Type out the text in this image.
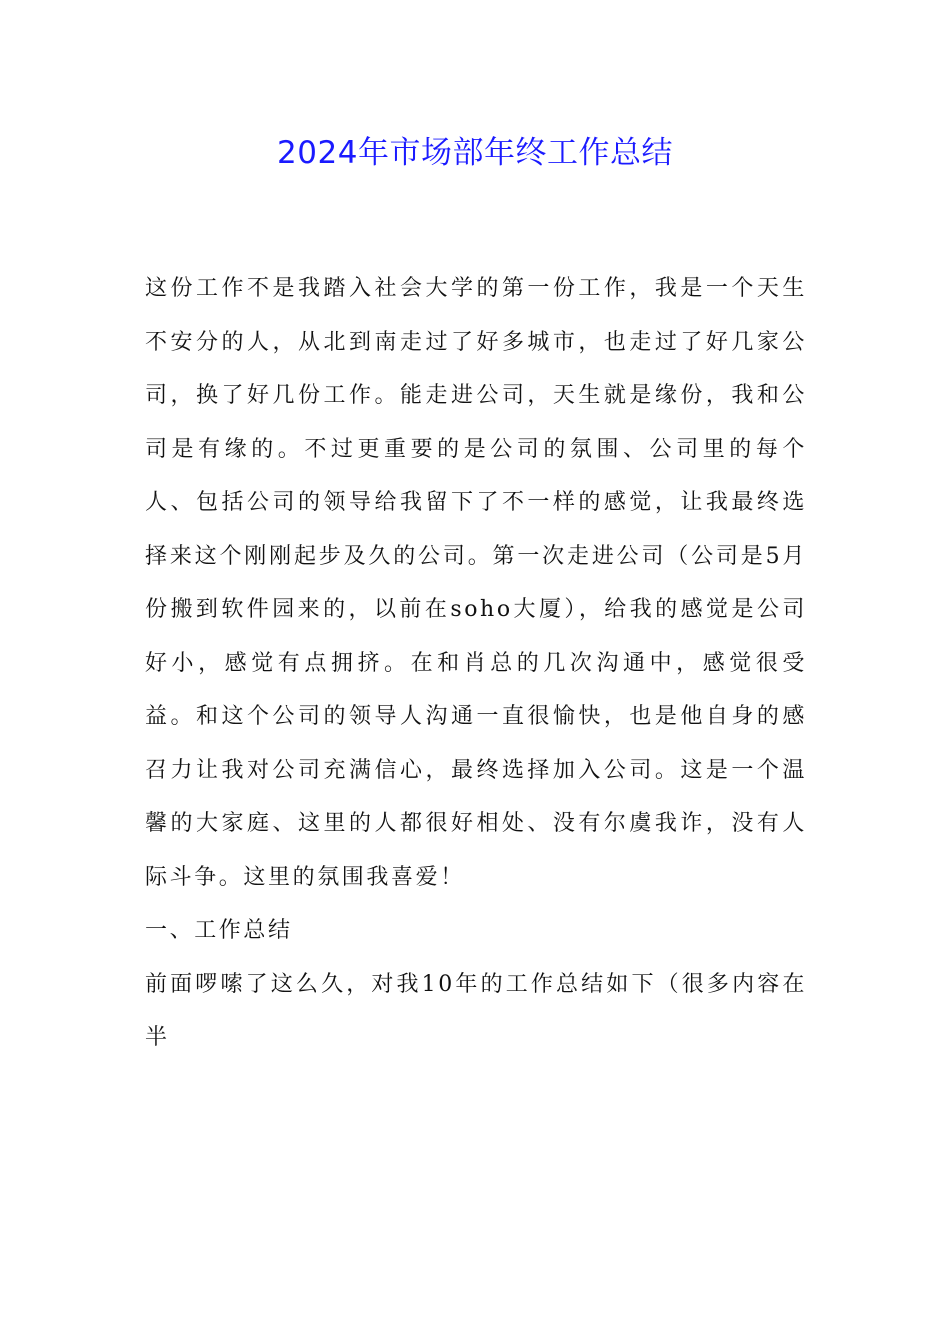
2024年市场部年终工作总结

这份工作不是我踏入社会大学的第一份工作，我是一个天生不安分的人，从北到南走过了好多城市，也走过了好几家公司，换了好几份工作。能走进公司，天生就是缘份，我和公司是有缘的。不过更重要的是公司的氛围、公司里的每个人、包括公司的领导给我留下了不一样的感觉，让我最终选择来这个刚刚起步及久的公司。第一次走进公司（公司是5月份搬到软件园来的，以前在soho大厦），给我的感觉是公司好小，感觉有点拥挤。在和肖总的几次沟通中，感觉很受益。和这个公司的领导人沟通一直很愉快，也是他自身的感召力让我对公司充满信心，最终选择加入公司。这是一个温馨的大家庭、这里的人都很好相处、没有尔虞我诈，没有人际斗争。这里的氛围我喜爱！

一、工作总结

前面啰嗦了这么久，对我10年的工作总结如下（很多内容在半
